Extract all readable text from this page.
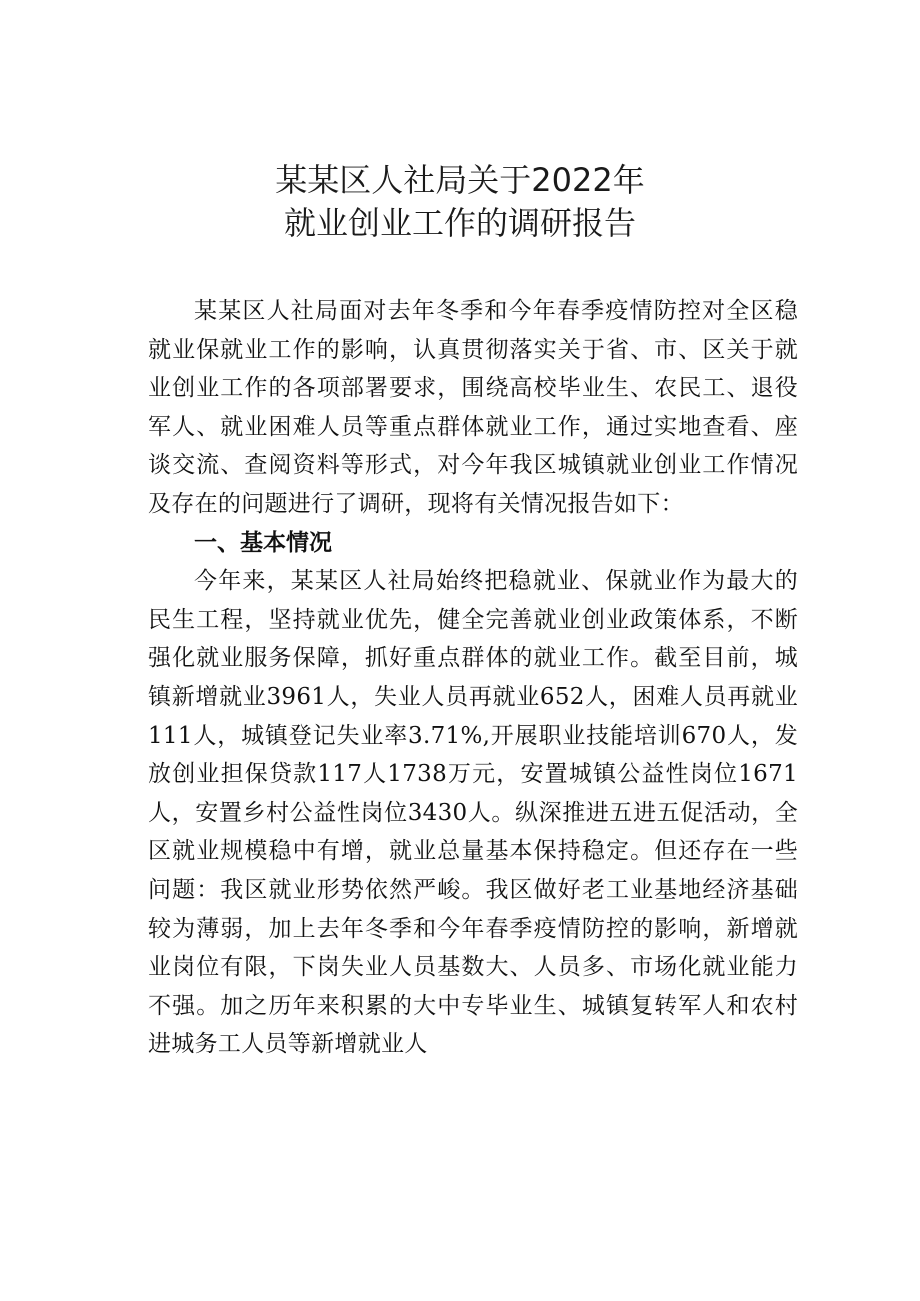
某某区人社局关于2022年
就业创业工作的调研报告

某某区人社局面对去年冬季和今年春季疫情防控对全区稳就业保就业工作的影响，认真贯彻落实关于省、市、区关于就业创业工作的各项部署要求，围绕高校毕业生、农民工、退役军人、就业困难人员等重点群体就业工作，通过实地查看、座谈交流、查阅资料等形式，对今年我区城镇就业创业工作情况及存在的问题进行了调研，现将有关情况报告如下：

一、基本情况

今年来，某某区人社局始终把稳就业、保就业作为最大的民生工程，坚持就业优先，健全完善就业创业政策体系，不断强化就业服务保障，抓好重点群体的就业工作。截至目前，城镇新增就业3961人，失业人员再就业652人，困难人员再就业111人，城镇登记失业率3.71%,开展职业技能培训670人，发放创业担保贷款117人1738万元，安置城镇公益性岗位1671人，安置乡村公益性岗位3430人。纵深推进五进五促活动，全区就业规模稳中有增，就业总量基本保持稳定。但还存在一些问题：我区就业形势依然严峻。我区做好老工业基地经济基础较为薄弱，加上去年冬季和今年春季疫情防控的影响，新增就业岗位有限，下岗失业人员基数大、人员多、市场化就业能力不强。加之历年来积累的大中专毕业生、城镇复转军人和农村进城务工人员等新增就业人
